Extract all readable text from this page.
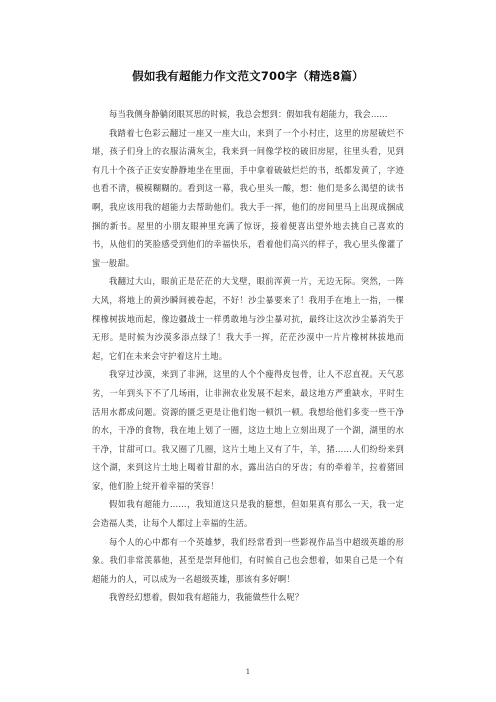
假如我有超能力作文范文700字（精选8篇）

每当我侧身静躺闭眼冥思的时候，我总会想到：假如我有超能力，我会……

我踏着七色彩云翻过一座又一座大山，来到了一个小村庄，这里的房屋破烂不堪，孩子们身上的衣服沾满灰尘，我来到一间像学校的破旧房屋，往里头看，见到有几十个孩子正安安静静地坐在里面，手中拿着破破烂烂的书，纸都发黄了，字迹也看不清，模模糊糊的。看到这一幕，我心里头一酸，想：他们是多么渴望的读书啊，我应该用我的超能力去帮助他们。我大手一挥，他们的房间里马上出现成捆成捆的新书。屋里的小朋友眼神里充满了惊讶，接着便喜出望外地去挑自己喜欢的书，从他们的笑脸感受到他们的幸福快乐，看着他们高兴的样子，我心里头像灌了蜜一般甜。

我翻过大山，眼前正是茫茫的大戈壁，眼前浑黄一片，无边无际。突然，一阵大风，将地上的黄沙瞬间被卷起，不好！沙尘暴要来了！我用手在地上一指，一棵棵橡树拔地而起，像边疆战士一样勇敢地与沙尘暴对抗，最终让这次沙尘暴消失于无形。是时候为沙漠多添点绿了！我大手一挥，茫茫沙漠中一片片橡树林拔地而起，它们在未来会守护着这片土地。

我穿过沙漠，来到了非洲，这里的人个个瘦得皮包骨，让人不忍直视。天气恶劣，一年到头下不了几场雨，让非洲农业发展不起来，最这地方严重缺水，平时生活用水都成问题。资源的匮乏更是让他们饱一顿饥一顿。我想给他们多变一些干净的水，干净的食物，我在地上划了一圈，这边土地上立刻出现了一个湖，湖里的水干净，甘甜可口。我又圈了几圈，这片土地上又有了牛，羊，猪……人们纷纷来到这个湖，来到这片土地上喝着甘甜的水，露出洁白的牙齿；有的牵着羊，拉着猪回家，他们脸上绽开着幸福的笑容！

假如我有超能力……，我知道这只是我的臆想，但如果真有那么一天，我一定会造福人类，让每个人都过上幸福的生活。

每个人的心中都有一个英雄梦，我们经常看到一些影视作品当中超级英雄的形象。我们非常羡慕他，甚至是崇拜他们，有时候自己也会想着，如果自己是一个有超能力的人，可以成为一名超级英雄，那该有多好啊！

我曾经幻想着，假如我有超能力，我能做些什么呢？

1
